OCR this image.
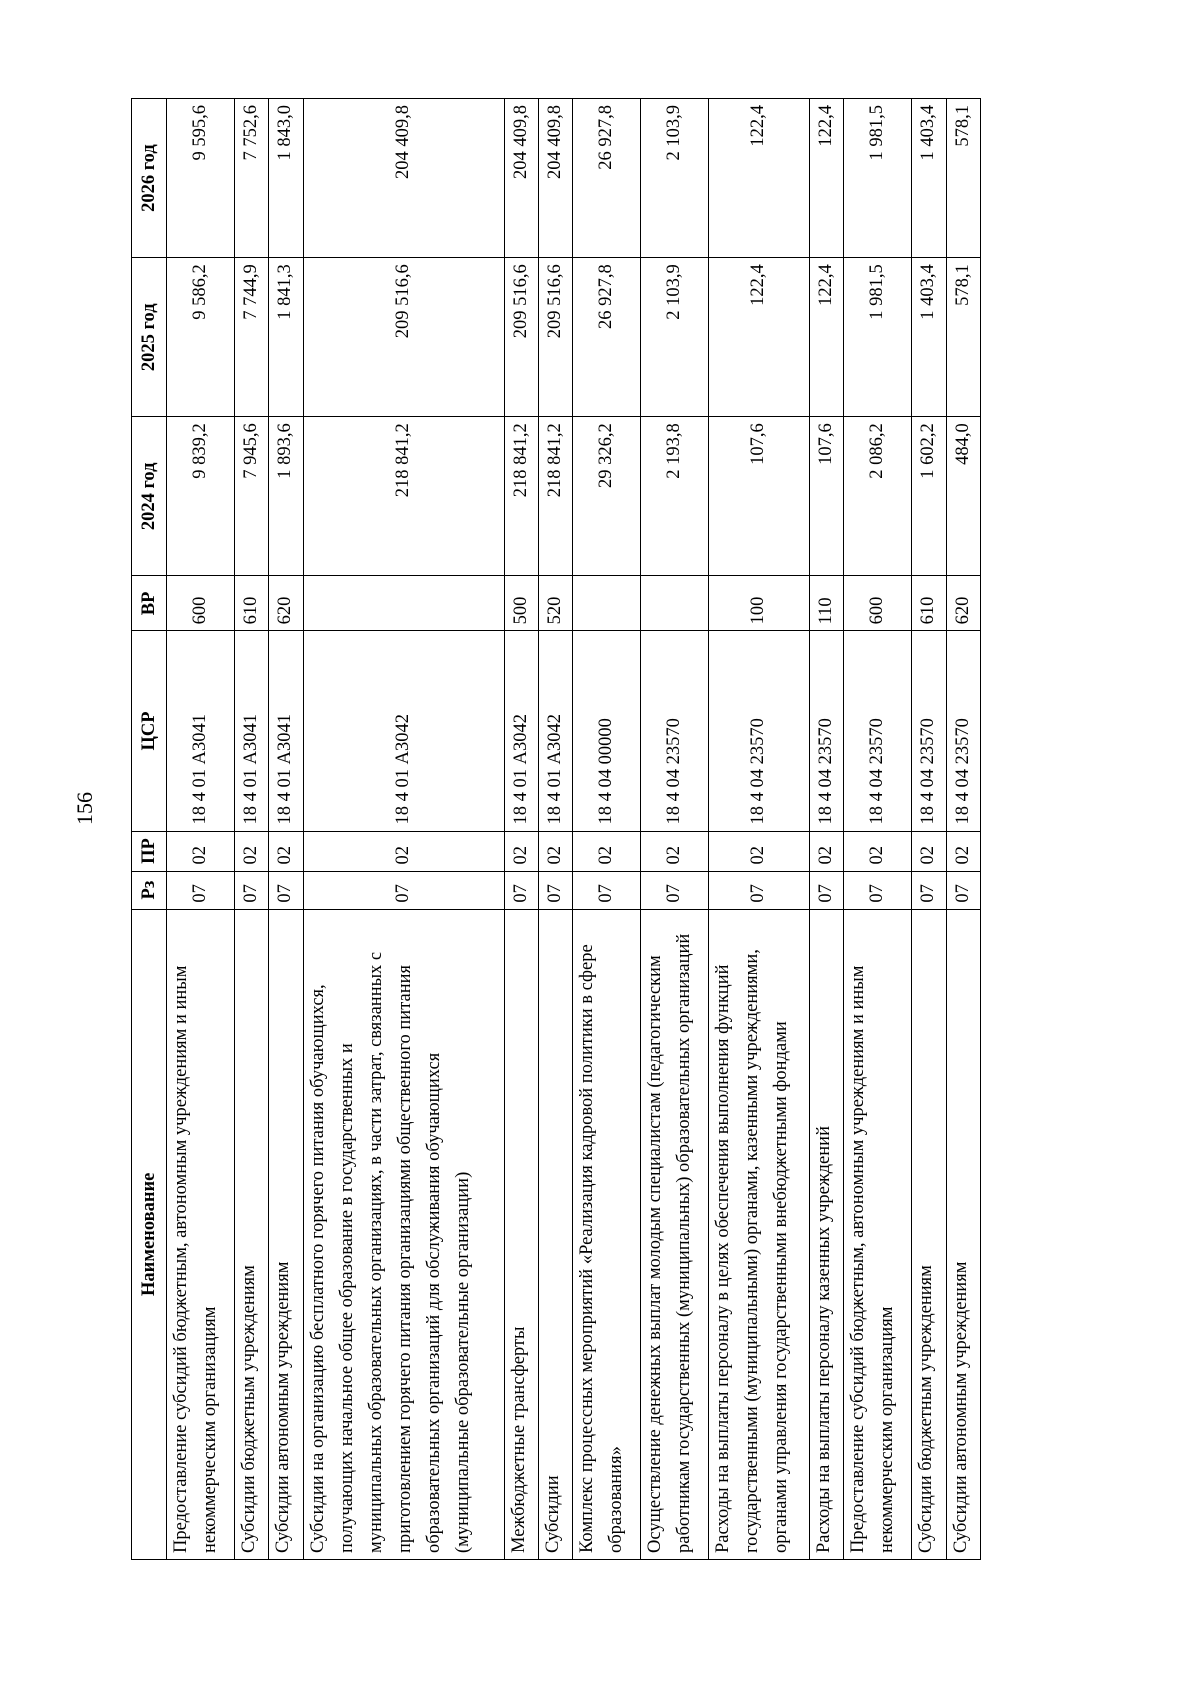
156
Наименование	Рз	ПР	ЦСР	ВР	2024 год	2025 год	2026 год
Предоставление субсидий бюджетным, автономным учреждениям и иным некоммерческим организациям	07	02	18 4 01 А3041	600	9 839,2	9 586,2	9 595,6
Субсидии бюджетным учреждениям	07	02	18 4 01 А3041	610	7 945,6	7 744,9	7 752,6
Субсидии автономным учреждениям	07	02	18 4 01 А3041	620	1 893,6	1 841,3	1 843,0
Субсидии на организацию бесплатного горячего питания обучающихся, получающих начальное общее образование в государственных и муниципальных образовательных организациях, в части затрат, связанных с приготовлением горячего питания организациями общественного питания образовательных организаций для обслуживания обучающихся (муниципальные образовательные организации)	07	02	18 4 01 А3042		218 841,2	209 516,6	204 409,8
Межбюджетные трансферты	07	02	18 4 01 А3042	500	218 841,2	209 516,6	204 409,8
Субсидии	07	02	18 4 01 А3042	520	218 841,2	209 516,6	204 409,8
Комплекс процессных мероприятий «Реализация кадровой политики в сфере образования»	07	02	18 4 04 00000		29 326,2	26 927,8	26 927,8
Осуществление денежных выплат молодым специалистам (педагогическим работникам государственных (муниципальных) образовательных организаций	07	02	18 4 04 23570		2 193,8	2 103,9	2 103,9
Расходы на выплаты персоналу в целях обеспечения выполнения функций государственными (муниципальными) органами, казенными учреждениями, органами управления государственными внебюджетными фондами	07	02	18 4 04 23570	100	107,6	122,4	122,4
Расходы на выплаты персоналу казенных учреждений	07	02	18 4 04 23570	110	107,6	122,4	122,4
Предоставление субсидий бюджетным, автономным учреждениям и иным некоммерческим организациям	07	02	18 4 04 23570	600	2 086,2	1 981,5	1 981,5
Субсидии бюджетным учреждениям	07	02	18 4 04 23570	610	1 602,2	1 403,4	1 403,4
Субсидии автономным учреждениям	07	02	18 4 04 23570	620	484,0	578,1	578,1
